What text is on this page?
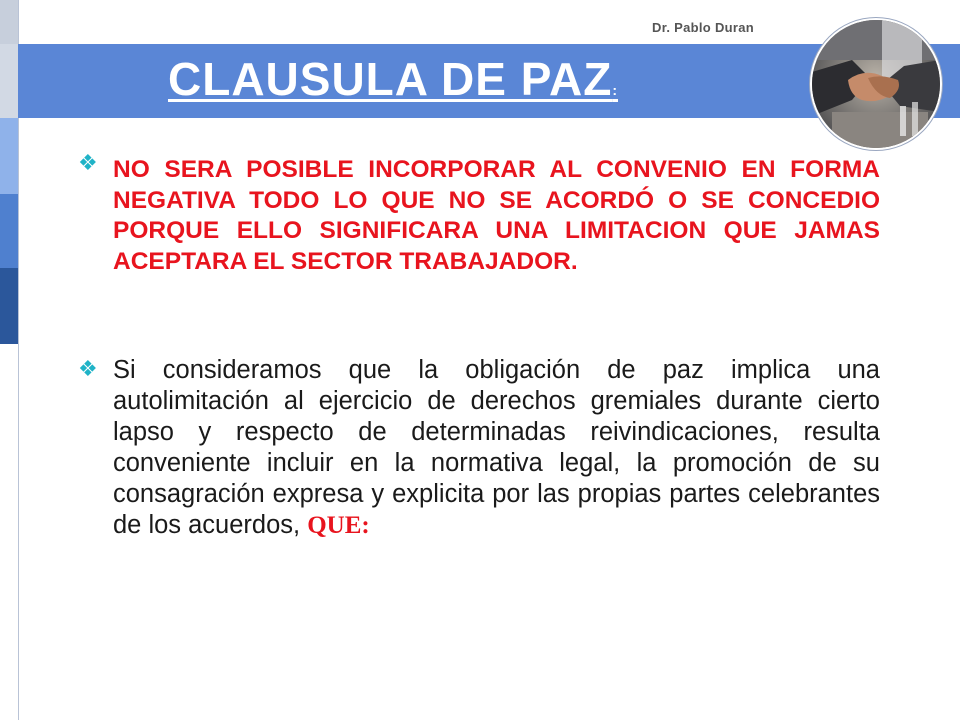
Dr. Pablo Duran
CLAUSULA DE PAZ:
❖ NO SERA POSIBLE INCORPORAR AL CONVENIO EN FORMA NEGATIVA TODO LO QUE NO SE ACORDÓ O SE CONCEDIO PORQUE ELLO SIGNIFICARA UNA LIMITACION QUE JAMAS ACEPTARA EL SECTOR TRABAJADOR.

❖ Si consideramos que la obligación de paz implica una autolimitación al ejercicio de derechos gremiales durante cierto lapso y respecto de determinadas reivindicaciones, resulta conveniente incluir en la normativa legal, la promoción de su consagración expresa y explicita por las propias partes celebrantes de los acuerdos, QUE:
